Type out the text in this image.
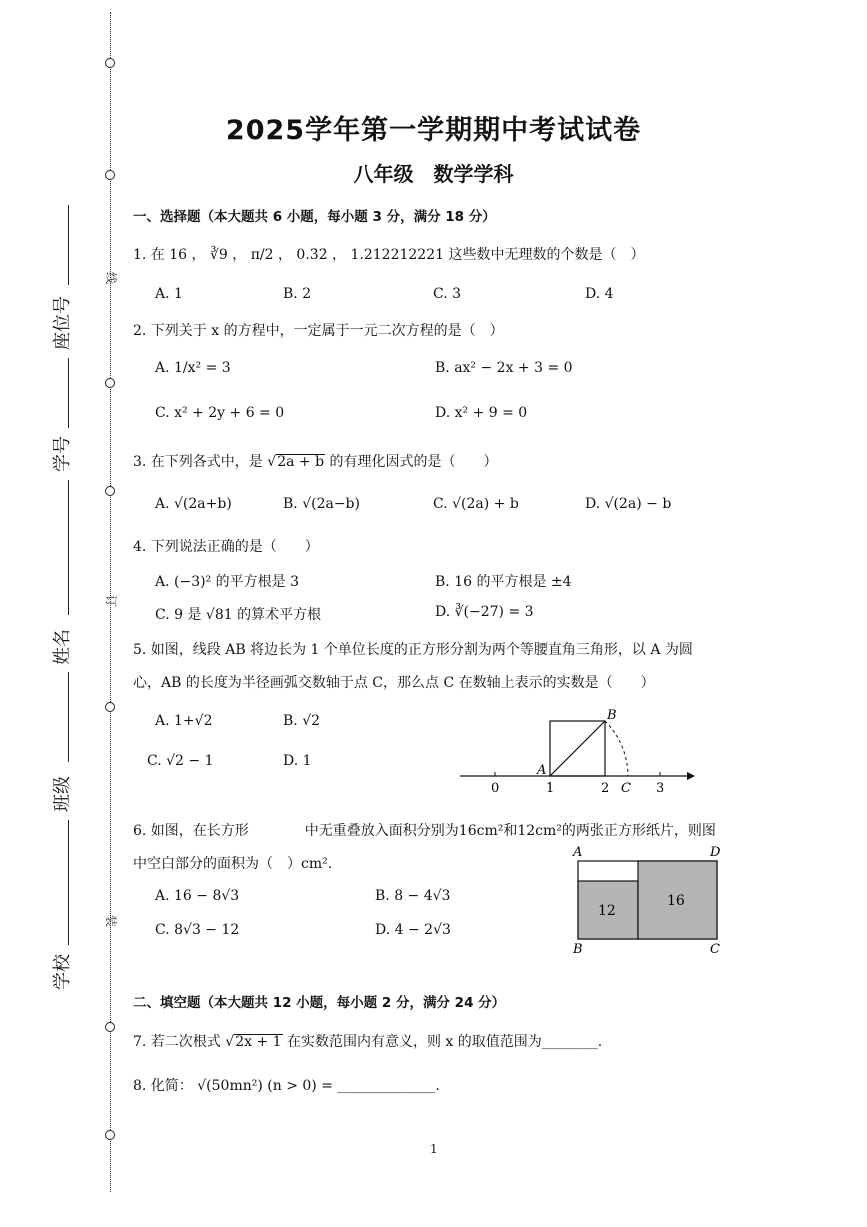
线
订
装
座位号
学号
姓名
班级
学校
2025学年第一学期期中考试试卷
八年级　数学学科
一、选择题（本大题共 6 小题，每小题 3 分，满分 18 分）
1. 在 16 ， ∛9 ， π/2 ， 0.3̇2̇ ， 1.212212221 这些数中无理数的个数是（　）
A. 1	B. 2	C. 3	D. 4
2. 下列关于 x 的方程中，一定属于一元二次方程的是（　）
A. 1/x² = 3	B. ax² − 2x + 3 = 0
C. x² + 2y + 6 = 0	D. x² + 9 = 0
3. 在下列各式中，是 √2a + b 的有理化因式的是（　　）
A. √(2a+b)	B. √(2a−b)	C. √(2a) + b	D. √(2a) − b
4. 下列说法正确的是（　　）
A. (−3)² 的平方根是 3	B. 16 的平方根是 ±4
C. 9 是 √81 的算术平方根	D. ∛(−27) = 3
5. 如图，线段 AB 将边长为 1 个单位长度的正方形分割为两个等腰直角三角形，以 A 为圆
心，AB 的长度为半径画弧交数轴于点 C，那么点 C 在数轴上表示的实数是（　　）
A. 1+√2	B. √2
C. √2 − 1	D. 1
B
A
0	1	2 C 3
6. 如图，在长方形　　　　中无重叠放入面积分别为16cm²和12cm²的两张正方形纸片，则图
中空白部分的面积为（　）cm².
A. 16 − 8√3	B. 8 − 4√3
C. 8√3 − 12	D. 4 − 2√3
A	D
B	C
12
16
二、填空题（本大题共 12 小题，每小题 2 分，满分 24 分）
7. 若二次根式 √2x + 1 在实数范围内有意义，则 x 的取值范围为________.
8. 化简： √(50mn²) (n > 0) = ______________.
1
